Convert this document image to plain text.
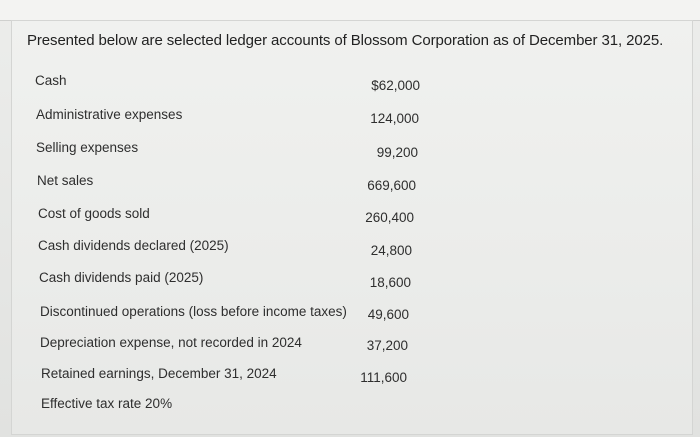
Presented below are selected ledger accounts of Blossom Corporation as of December 31, 2025.
Cash	$62,000
Administrative expenses	124,000
Selling expenses	99,200
Net sales	669,600
Cost of goods sold	260,400
Cash dividends declared (2025)	24,800
Cash dividends paid (2025)	18,600
Discontinued operations (loss before income taxes)	49,600
Depreciation expense, not recorded in 2024	37,200
Retained earnings, December 31, 2024	111,600
Effective tax rate 20%
